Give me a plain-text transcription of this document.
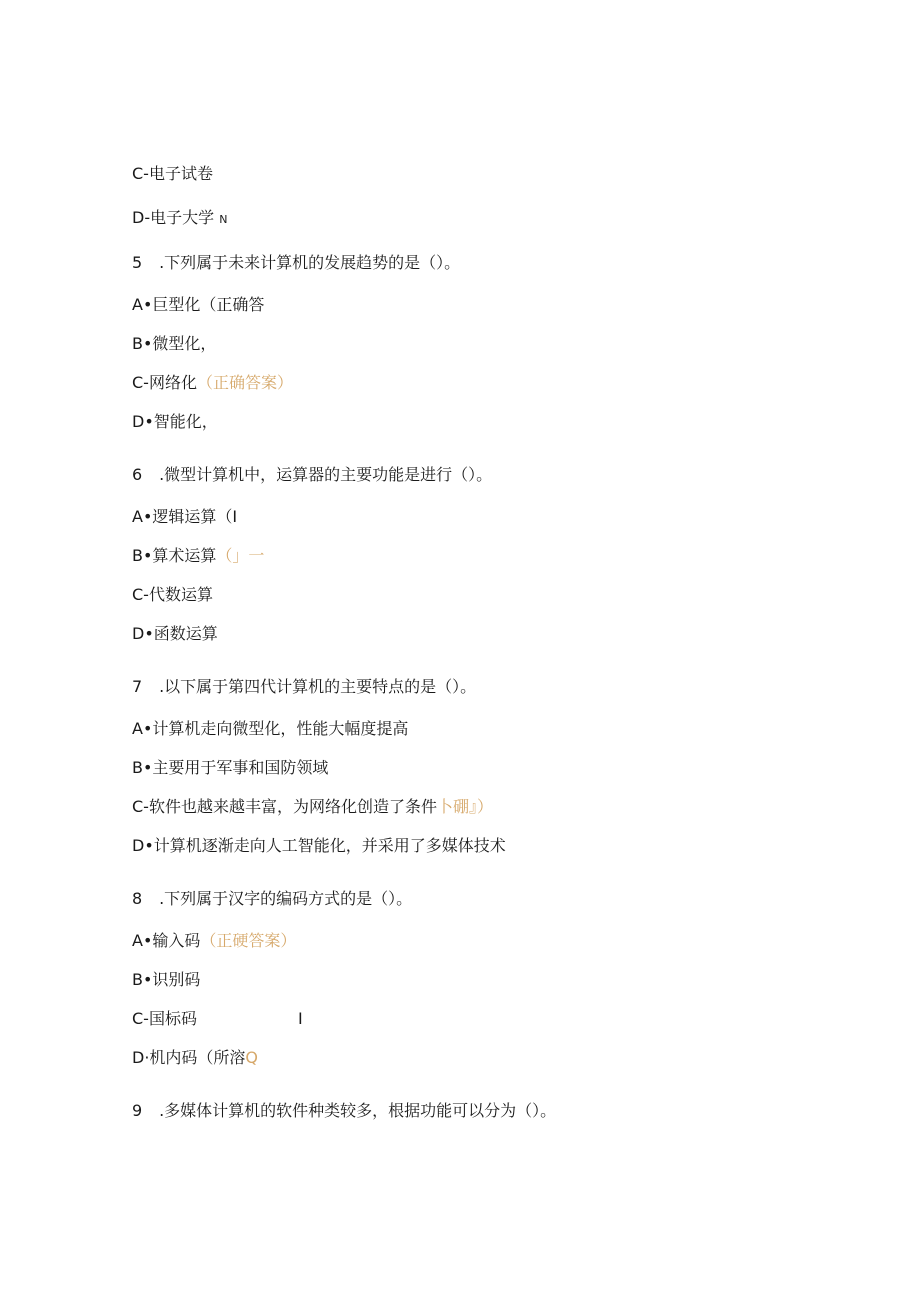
C-电子试卷
D-电子大学 N
5 .下列属于未来计算机的发展趋势的是（）。
A•巨型化（正确答
B•微型化，
C-网络化（正确答案）
D•智能化，
6 .微型计算机中，运算器的主要功能是进行（）。
A•逻辑运算（I
B•算术运算（」一
C-代数运算
D•函数运算
7 .以下属于第四代计算机的主要特点的是（）。
A•计算机走向微型化，性能大幅度提高
B•主要用于军事和国防领域
C-软件也越来越丰富，为网络化创造了条件卜硼』）
D•计算机逐渐走向人工智能化，并采用了多媒体技术
8 .下列属于汉字的编码方式的是（）。
A•输入码（正硬答案）
B•识别码
C-国标码	I
D·机内码（所溶Q
9 .多媒体计算机的软件种类较多，根据功能可以分为（）。
